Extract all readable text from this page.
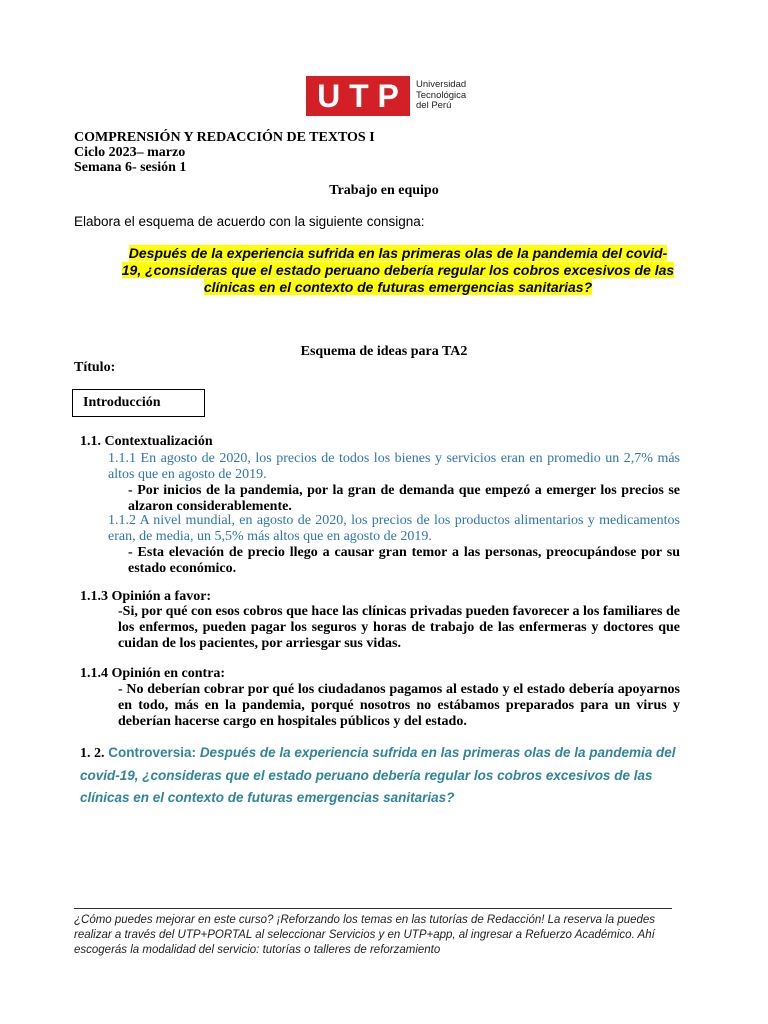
U T P Universidad
Tecnológica
del Perú
COMPRENSIÓN Y REDACCIÓN DE TEXTOS I
Ciclo 2023– marzo
Semana 6- sesión 1
Trabajo en equipo
Elabora el esquema de acuerdo con la siguiente consigna:
Después de la experiencia sufrida en las primeras olas de la pandemia del covid-19, ¿consideras que el estado peruano debería regular los cobros excesivos de las clínicas en el contexto de futuras emergencias sanitarias?
Esquema de ideas para TA2
Título:
Introducción
1.1. Contextualización
1.1.1 En agosto de 2020, los precios de todos los bienes y servicios eran en promedio un 2,7% más altos que en agosto de 2019.
- Por inicios de la pandemia, por la gran de demanda que empezó a emerger los precios se alzaron considerablemente.
1.1.2 A nivel mundial, en agosto de 2020, los precios de los productos alimentarios y medicamentos eran, de media, un 5,5% más altos que en agosto de 2019.
- Esta elevación de precio llego a causar gran temor a las personas, preocupándose por su estado económico.
1.1.3 Opinión a favor:
-Si, por qué con esos cobros que hace las clínicas privadas pueden favorecer a los familiares de los enfermos, pueden pagar los seguros y horas de trabajo de las enfermeras y doctores que cuidan de los pacientes, por arriesgar sus vidas.
1.1.4 Opinión en contra:
- No deberían cobrar por qué los ciudadanos pagamos al estado y el estado debería apoyarnos en todo, más en la pandemia, porqué nosotros no estábamos preparados para un virus y deberían hacerse cargo en hospitales públicos y del estado.
1. 2. Controversia: Después de la experiencia sufrida en las primeras olas de la pandemia del covid-19, ¿consideras que el estado peruano debería regular los cobros excesivos de las clínicas en el contexto de futuras emergencias sanitarias?
¿Cómo puedes mejorar en este curso? ¡Reforzando los temas en las tutorías de Redacción! La reserva la puedes realizar a través del UTP+PORTAL al seleccionar Servicios y en UTP+app, al ingresar a Refuerzo Académico. Ahí escogerás la modalidad del servicio: tutorías o talleres de reforzamiento
